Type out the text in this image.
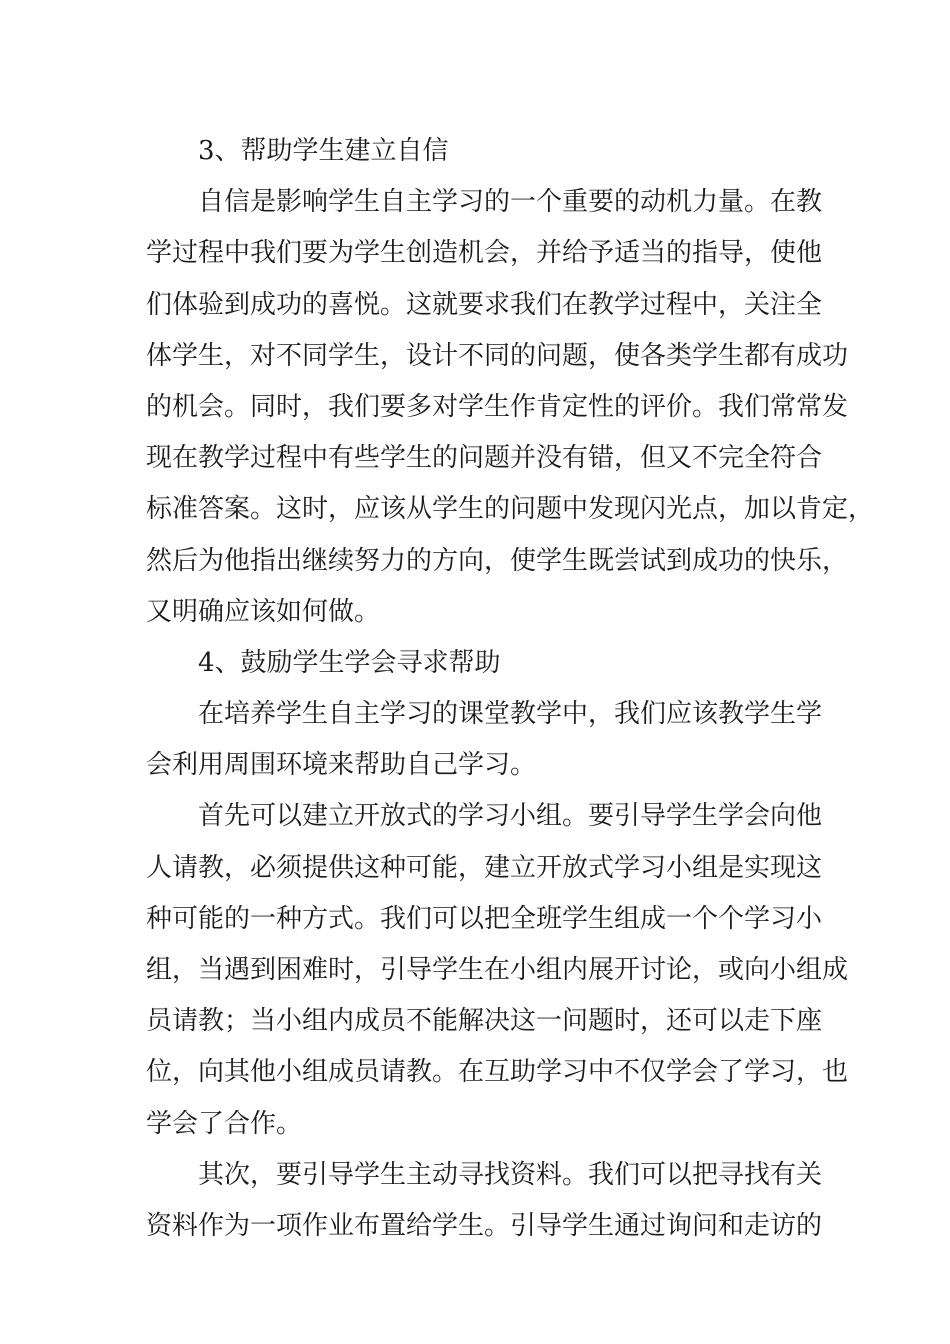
3、帮助学生建立自信
自信是影响学生自主学习的一个重要的动机力量。在教
学过程中我们要为学生创造机会，并给予适当的指导，使他
们体验到成功的喜悦。这就要求我们在教学过程中，关注全
体学生，对不同学生，设计不同的问题，使各类学生都有成功
的机会。同时，我们要多对学生作肯定性的评价。我们常常发
现在教学过程中有些学生的问题并没有错，但又不完全符合
标准答案。这时，应该从学生的问题中发现闪光点，加以肯定，
然后为他指出继续努力的方向，使学生既尝试到成功的快乐，
又明确应该如何做。
4、鼓励学生学会寻求帮助
在培养学生自主学习的课堂教学中，我们应该教学生学
会利用周围环境来帮助自己学习。
首先可以建立开放式的学习小组。要引导学生学会向他
人请教，必须提供这种可能，建立开放式学习小组是实现这
种可能的一种方式。我们可以把全班学生组成一个个学习小
组，当遇到困难时，引导学生在小组内展开讨论，或向小组成
员请教；当小组内成员不能解决这一问题时，还可以走下座
位，向其他小组成员请教。在互助学习中不仅学会了学习，也
学会了合作。
其次，要引导学生主动寻找资料。我们可以把寻找有关
资料作为一项作业布置给学生。引导学生通过询问和走访的
